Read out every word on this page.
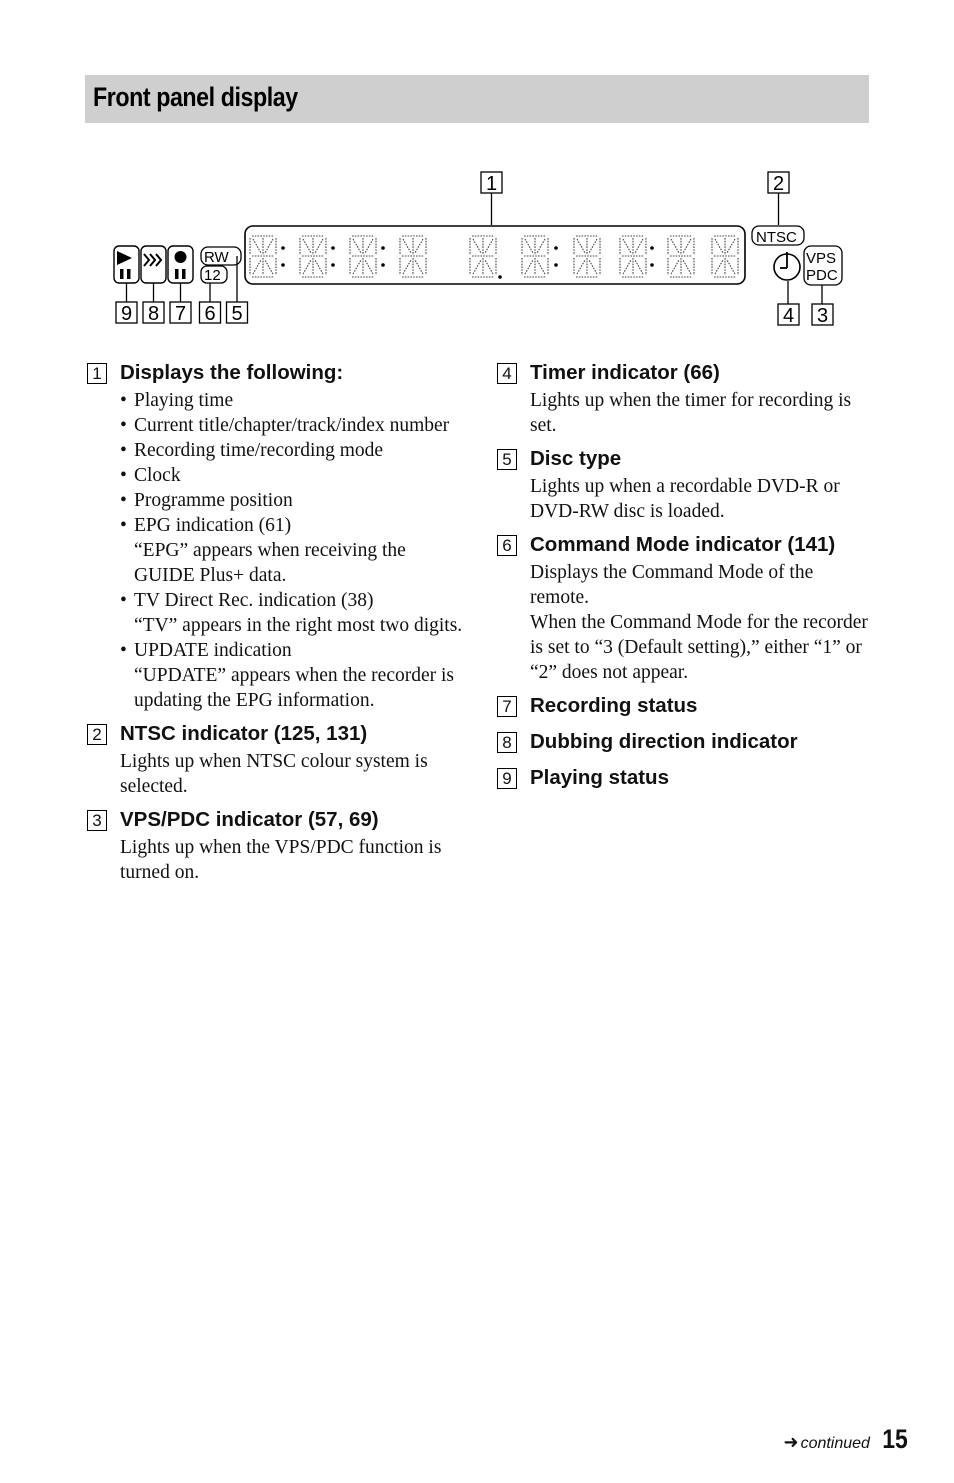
Front panel display
1	2
RW
12
NTSC
VPS
PDC
4 3
9 8 7 6 5
1 Displays the following:
• Playing time
• Current title/chapter/track/index number
• Recording time/recording mode
• Clock
• Programme position
• EPG indication (61)
“EPG” appears when receiving the GUIDE Plus+ data.
• TV Direct Rec. indication (38)
“TV” appears in the right most two digits.
• UPDATE indication
“UPDATE” appears when the recorder is updating the EPG information.
2 NTSC indicator (125, 131)
Lights up when NTSC colour system is selected.
3 VPS/PDC indicator (57, 69)
Lights up when the VPS/PDC function is turned on.
4 Timer indicator (66)
Lights up when the timer for recording is set.
5 Disc type
Lights up when a recordable DVD-R or DVD-RW disc is loaded.
6 Command Mode indicator (141)
Displays the Command Mode of the remote.
When the Command Mode for the recorder is set to “3 (Default setting),” either “1” or “2” does not appear.
7 Recording status
8 Dubbing direction indicator
9 Playing status
➜ continued 15
